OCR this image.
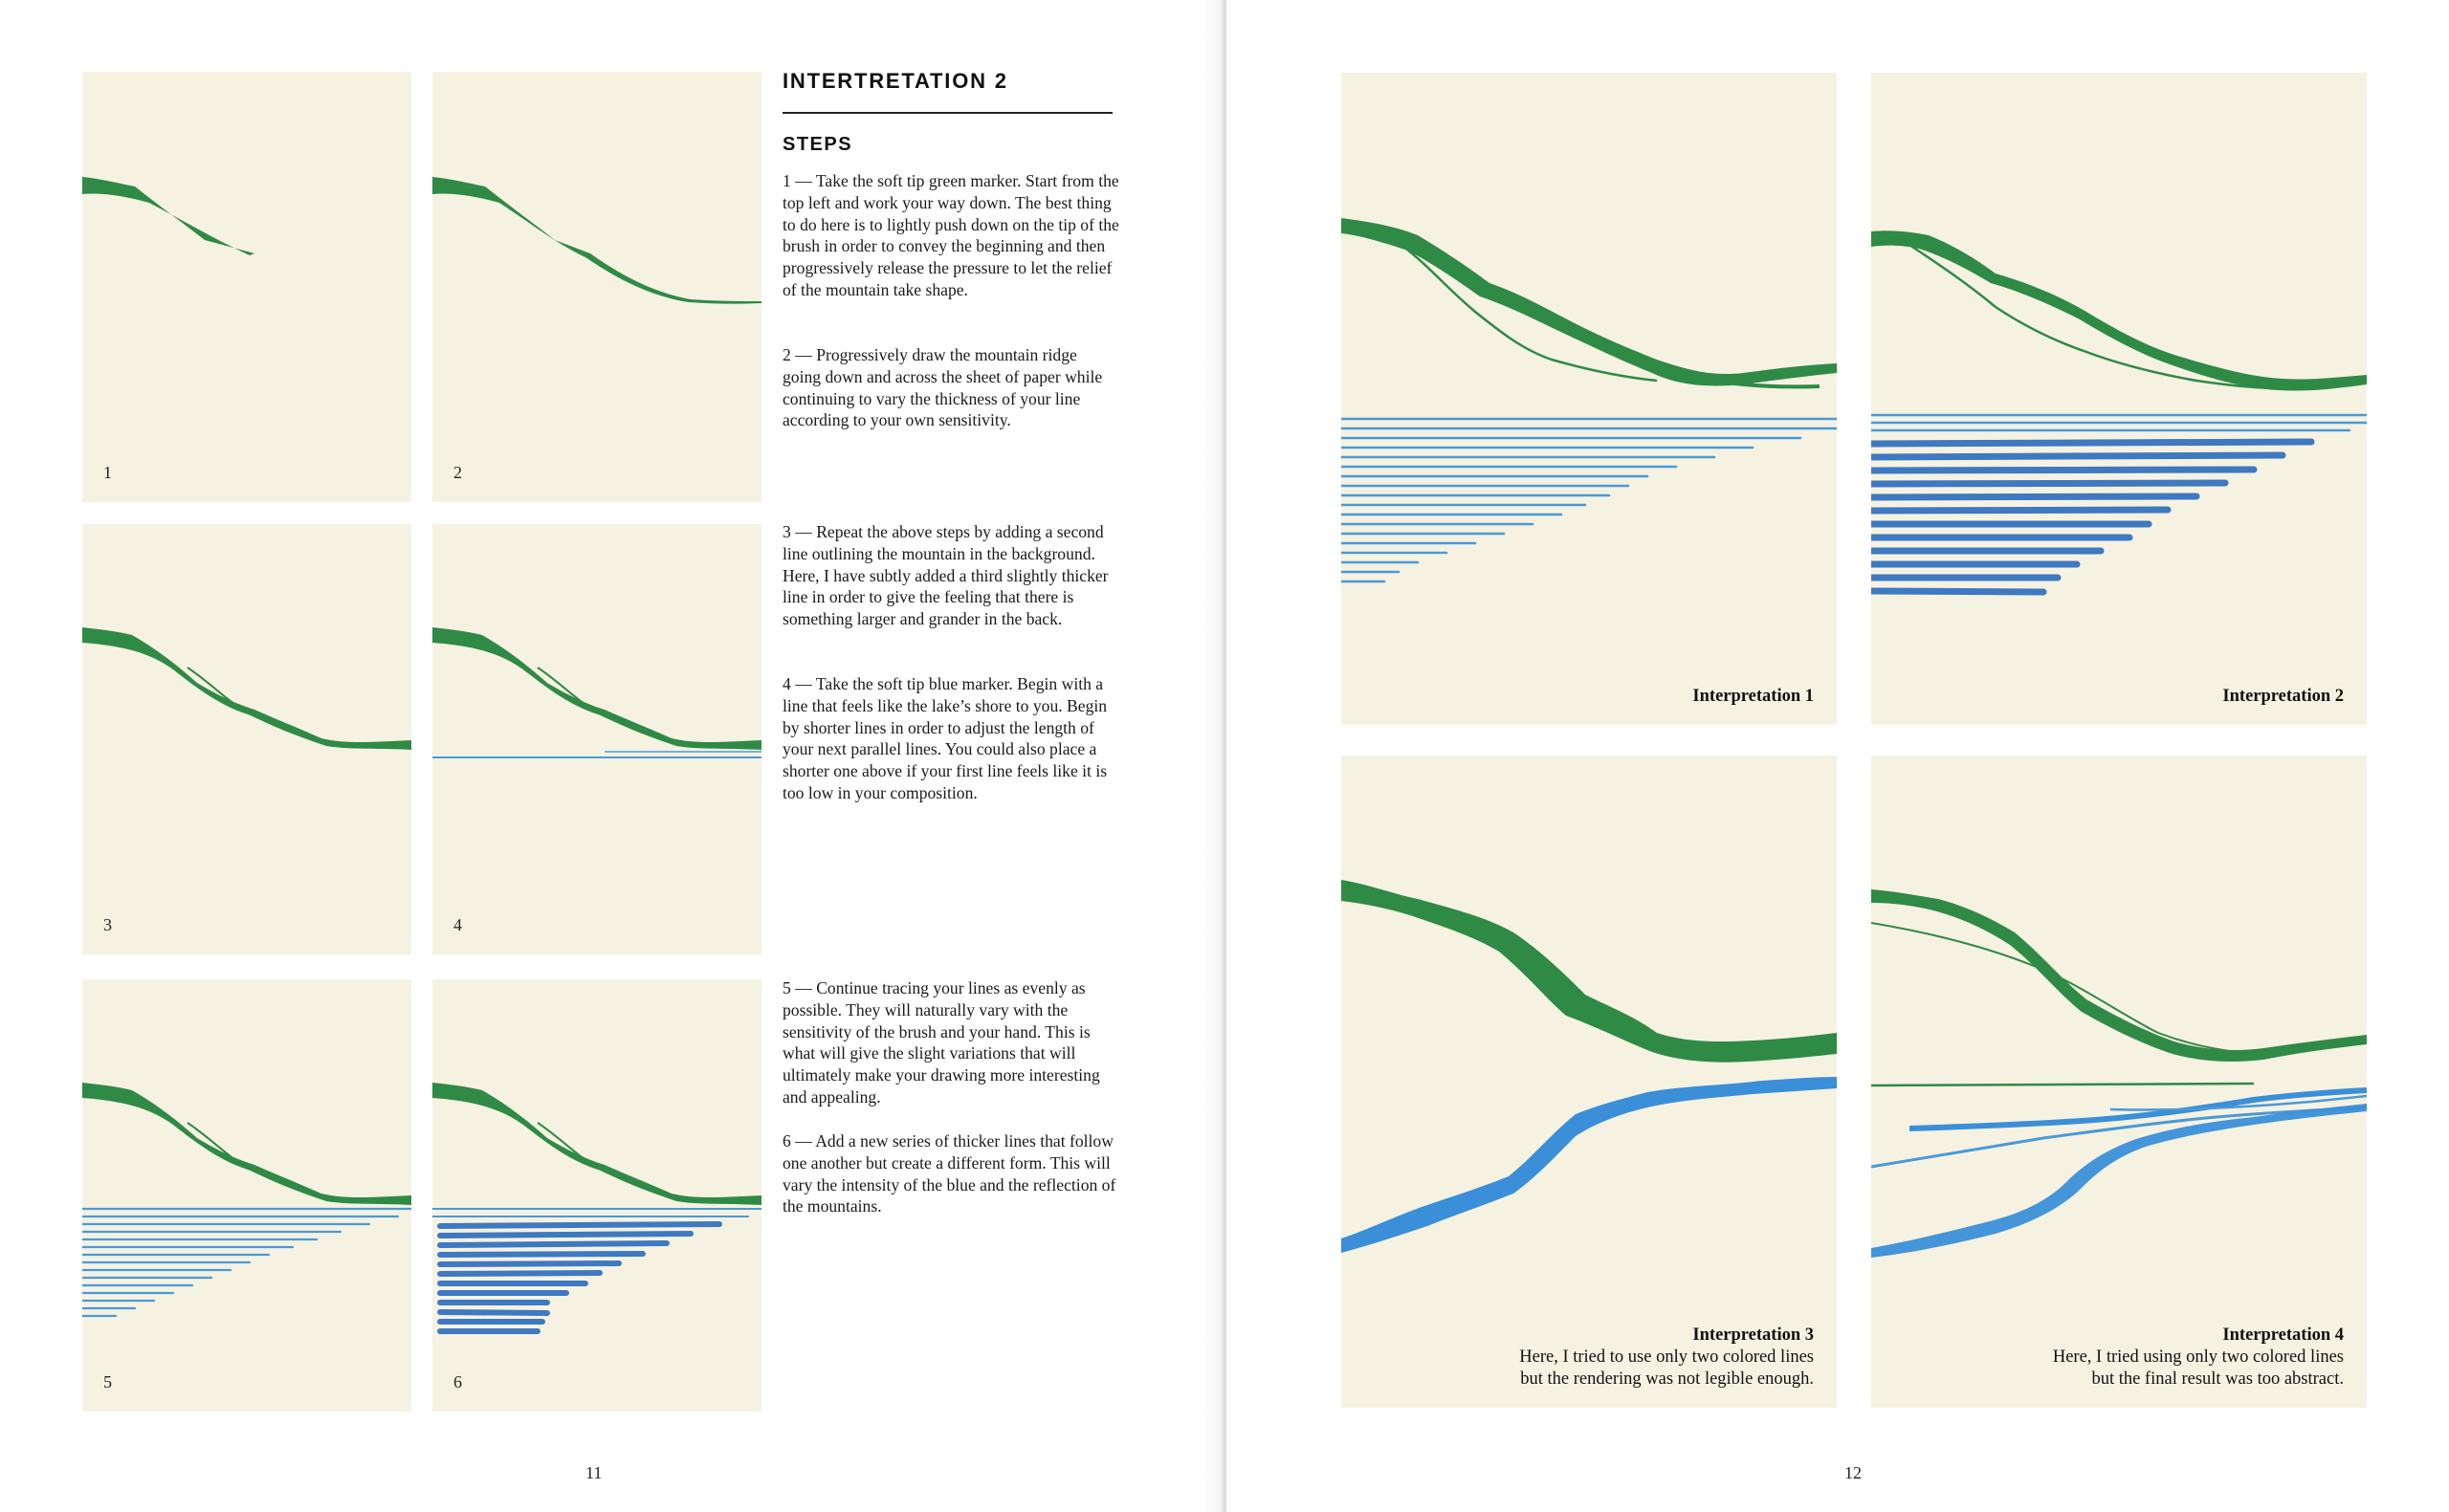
1	2
3	4
5	6
INTERTRETATION 2
STEPS

1 — Take the soft tip green marker. Start from the top left and work your way down. The best thing to do here is to lightly push down on the tip of the brush in order to convey the beginning and then progressively release the pressure to let the relief of the mountain take shape.

2 — Progressively draw the mountain ridge going down and across the sheet of paper while continuing to vary the thickness of your line according to your own sensitivity.

3 — Repeat the above steps by adding a second line outlining the mountain in the background. Here, I have subtly added a third slightly thicker line in order to give the feeling that there is something larger and grander in the back.

4 — Take the soft tip blue marker. Begin with a line that feels like the lake’s shore to you. Begin by shorter lines in order to adjust the length of your next parallel lines. You could also place a shorter one above if your first line feels like it is too low in your composition.

5 — Continue tracing your lines as evenly as possible. They will naturally vary with the sensitivity of the brush and your hand. This is what will give the slight variations that will ultimately make your drawing more interesting and appealing.

6 — Add a new series of thicker lines that follow one another but create a different form. This will vary the intensity of the blue and the reflection of the mountains.

11
Interpretation 1	Interpretation 2
Interpretation 3
Here, I tried to use only two colored lines but the rendering was not legible enough.
Interpretation 4
Here, I tried using only two colored lines but the final result was too abstract.
12
